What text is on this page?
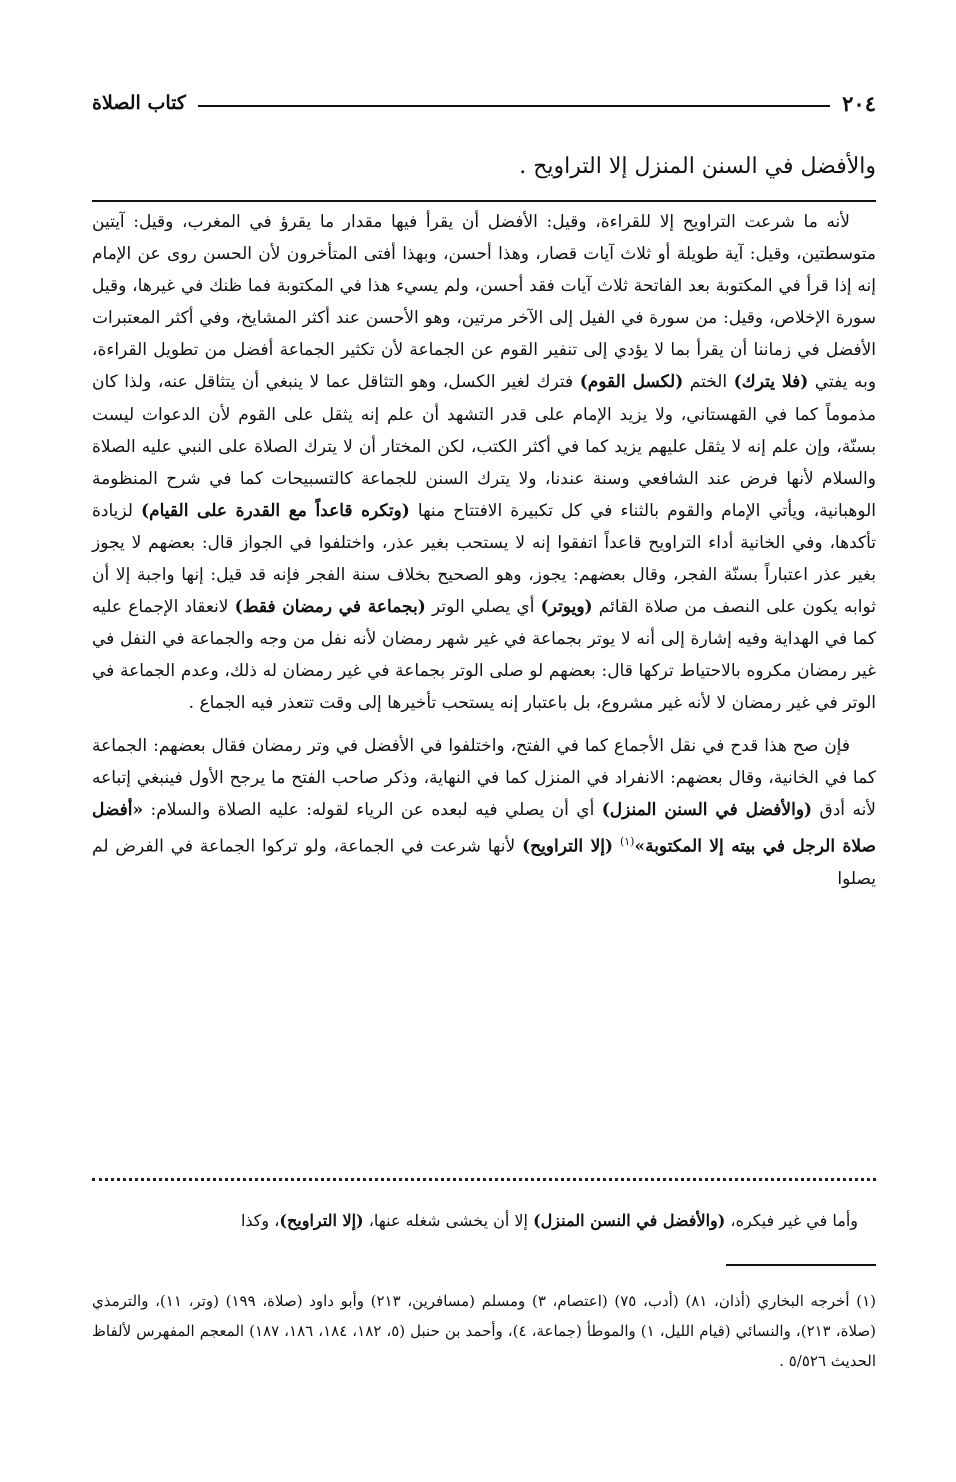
٢٠٤
كتاب الصلاة

والأفضل في السنن المنزل إلا التراويح .

لأنه ما شرعت التراويح إلا للقراءة، وقيل: الأفضل أن يقرأ فيها مقدار ما يقرؤ في المغرب، وقيل: آيتين متوسطتين، وقيل: آية طويلة أو ثلاث آيات قصار، وهذا أحسن، وبهذا أفتى المتأخرون لأن الحسن روى عن الإمام إنه إذا قرأ في المكتوبة بعد الفاتحة ثلاث آيات فقد أحسن، ولم يسيء هذا في المكتوبة فما ظنك في غيرها، وقيل سورة الإخلاص، وقيل: من سورة في الفيل إلى الآخر مرتين، وهو الأحسن عند أكثر المشايخ، وفي أكثر المعتبرات الأفضل في زماننا أن يقرأ بما لا يؤدي إلى تنفير القوم عن الجماعة لأن تكثير الجماعة أفضل من تطويل القراءة، وبه يفتي (فلا يترك) الختم (لكسل القوم) فترك لغير الكسل، وهو التثاقل عما لا ينبغي أن يتثاقل عنه، ولذا كان مذموماً كما في القهستاني، ولا يزيد الإمام على قدر التشهد أن علم إنه يثقل على القوم لأن الدعوات ليست بسنّة، وإن علم إنه لا يثقل عليهم يزيد كما في أكثر الكتب، لكن المختار أن لا يترك الصلاة على النبي عليه الصلاة والسلام لأنها فرض عند الشافعي وسنة عندنا، ولا يترك السنن للجماعة كالتسبيحات كما في شرح المنظومة الوهبانية، ويأتي الإمام والقوم بالثناء في كل تكبيرة الافتتاح منها (وتكره قاعداً مع القدرة على القيام) لزيادة تأكدها، وفي الخانية أداء التراويح قاعداً اتفقوا إنه لا يستحب بغير عذر، واختلفوا في الجواز قال: بعضهم لا يجوز بغير عذر اعتباراً بسنّة الفجر، وقال بعضهم: يجوز، وهو الصحيح بخلاف سنة الفجر فإنه قد قيل: إنها واجبة إلا أن ثوابه يكون على النصف من صلاة القائم (ويوتر) أي يصلي الوتر (بجماعة في رمضان فقط) لانعقاد الإجماع عليه كما في الهداية وفيه إشارة إلى أنه لا يوتر بجماعة في غير شهر رمضان لأنه نفل من وجه والجماعة في النفل في غير رمضان مكروه بالاحتياط تركها قال: بعضهم لو صلى الوتر بجماعة في غير رمضان له ذلك، وعدم الجماعة في الوتر في غير رمضان لا لأنه غير مشروع، بل باعتبار إنه يستحب تأخيرها إلى وقت تتعذر فيه الجماع .

فإن صح هذا قدح في نقل الأجماع كما في الفتح، واختلفوا في الأفضل في وتر رمضان فقال بعضهم: الجماعة كما في الخانية، وقال بعضهم: الانفراد في المنزل كما في النهاية، وذكر صاحب الفتح ما يرجح الأول فينبغي إتباعه لأنه أدق (والأفضل في السنن المنزل) أي أن يصلي فيه لبعده عن الرياء لقوله: عليه الصلاة والسلام: «أفضل صلاة الرجل في بيته إلا المكتوبة»$^{(١)}$ (إلا التراويح) لأنها شرعت في الجماعة، ولو تركوا الجماعة في الفرض لم يصلوا

وأما في غير فيكره، (والأفضل في النسن المنزل) إلا أن يخشى شغله عنها، (إلا التراويح)، وكذا

(١) أخرجه البخاري (أذان، ٨١) (أدب، ٧٥) (اعتصام، ٣) ومسلم (مسافرين، ٢١٣) وأبو داود (صلاة، ١٩٩) (وتر، ١١)، والترمذي (صلاة، ٢١٣)، والنسائي (قيام الليل، ١) والموطأ (جماعة، ٤)، وأحمد بن حنبل (٥، ١٨٢، ١٨٤، ١٨٦، ١٨٧) المعجم المفهرس لألفاظ الحديث ٥/٥٢٦ .
